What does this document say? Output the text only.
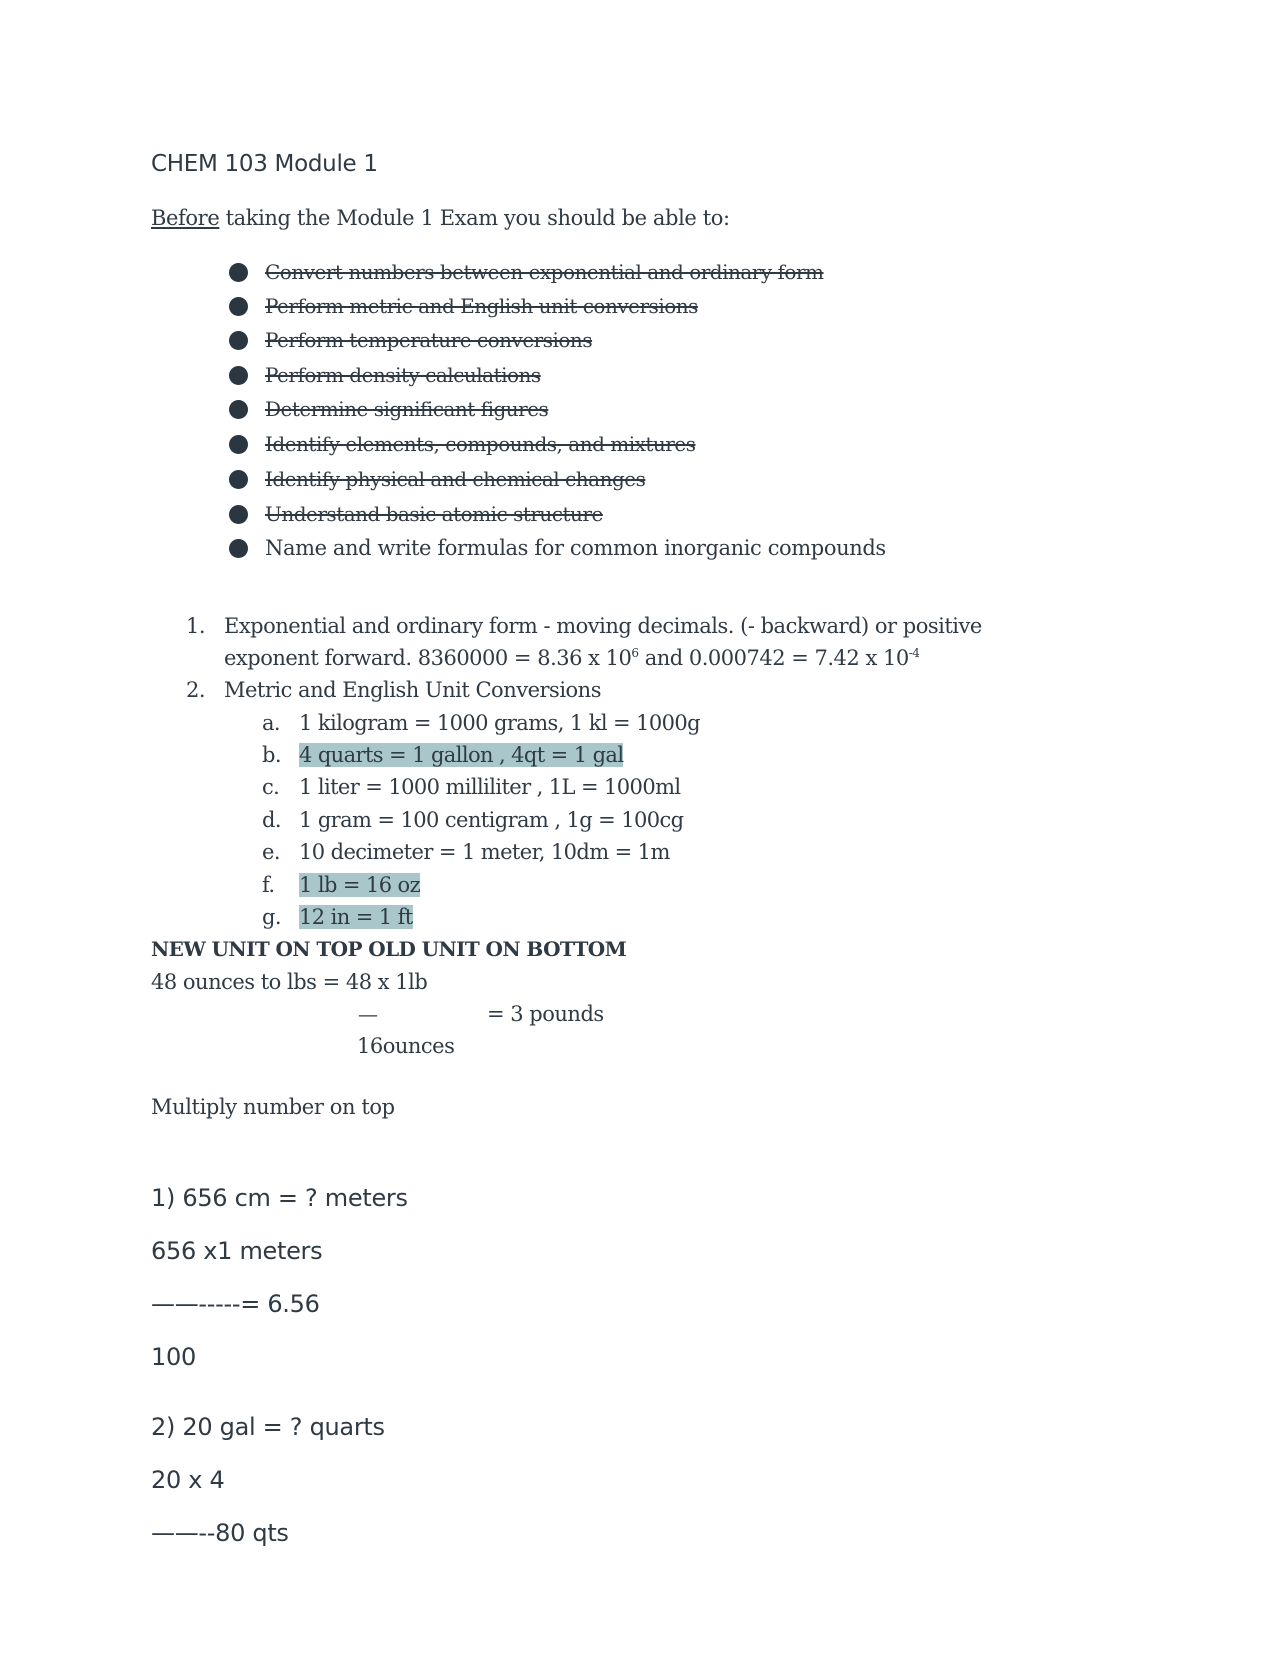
CHEM 103 Module 1
Before taking the Module 1 Exam you should be able to:
Convert numbers between exponential and ordinary form
Perform metric and English unit conversions
Perform temperature conversions
Perform density calculations
Determine significant figures
Identify elements, compounds, and mixtures
Identify physical and chemical changes
Understand basic atomic structure
Name and write formulas for common inorganic compounds
1. Exponential and ordinary form - moving decimals. (- backward) or positive
exponent forward. 8360000 = 8.36 x $10^6$ and 0.000742 = 7.42 x $10^{-4}$
2. Metric and English Unit Conversions
a. 1 kilogram = 1000 grams, 1 kl = 1000g
b. 4 quarts = 1 gallon , 4qt = 1 gal
c. 1 liter = 1000 milliliter , 1L = 1000ml
d. 1 gram = 100 centigram , 1g = 100cg
e. 10 decimeter = 1 meter, 10dm = 1m
f. 1 lb = 16 oz
g. 12 in = 1 ft
NEW UNIT ON TOP OLD UNIT ON BOTTOM
48 ounces to lbs = 48 x 1lb
—	= 3 pounds
16ounces
Multiply number on top
1) 656 cm = ? meters
656 x1 meters
——-----= 6.56
100
2) 20 gal = ? quarts
20 x 4
——--80 qts
